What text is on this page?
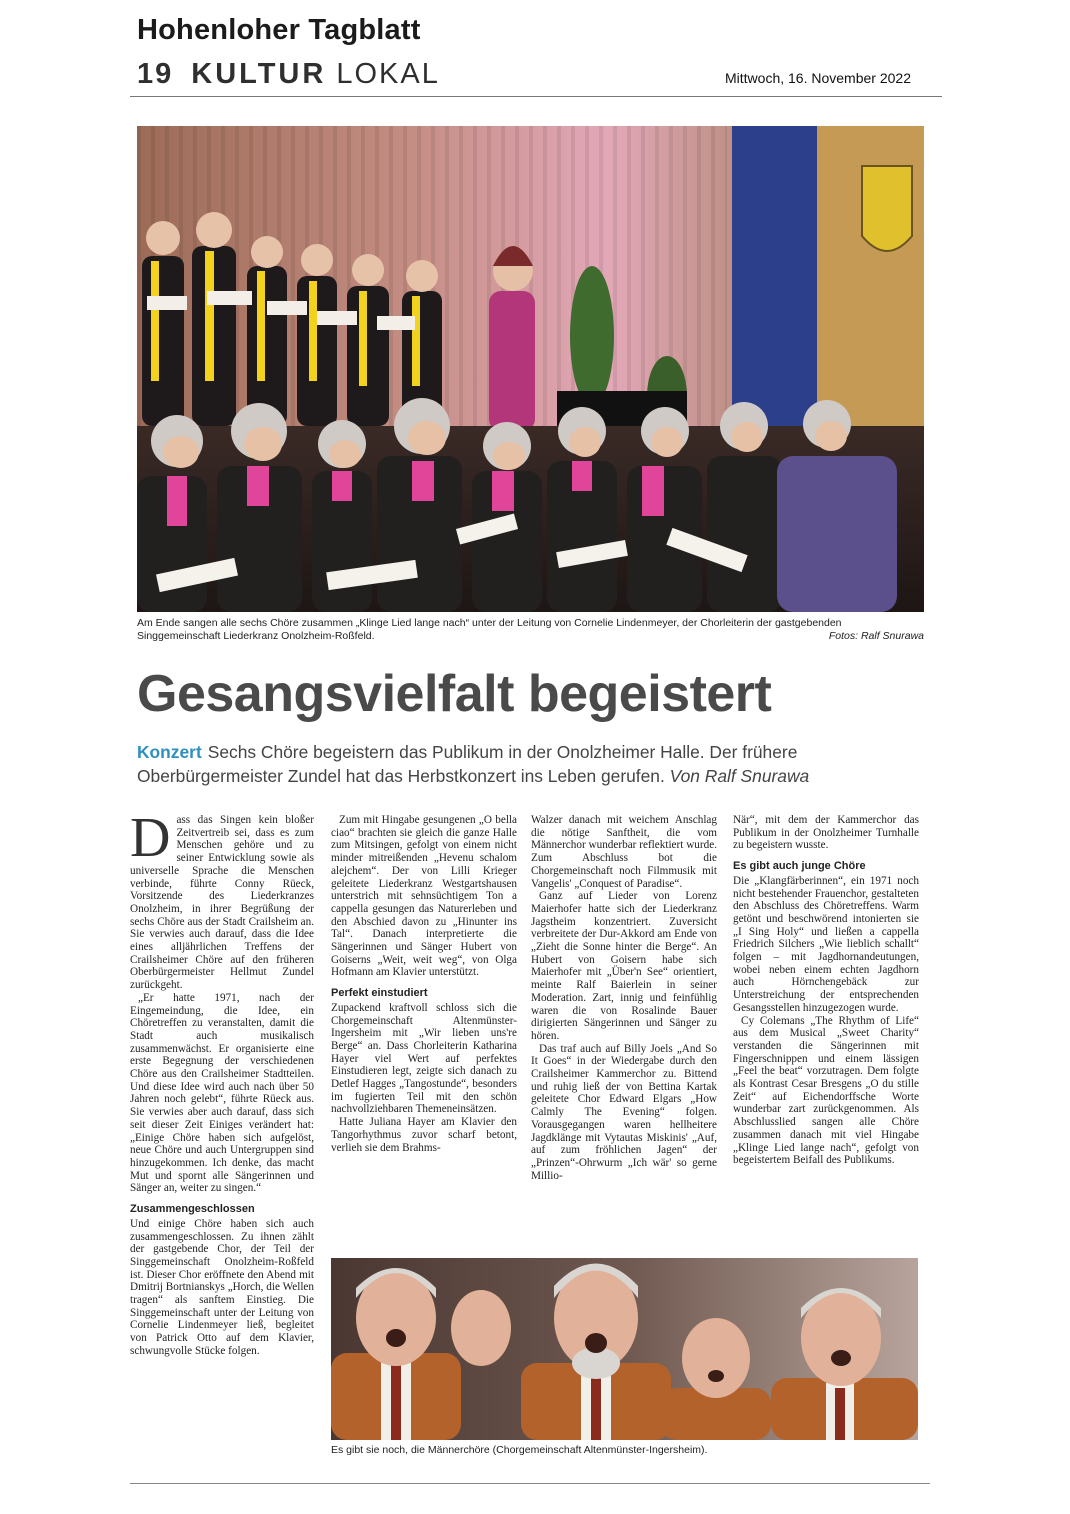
Hohenloher Tagblatt
19 KULTUR LOKAL	Mittwoch, 16. November 2022
Am Ende sangen alle sechs Chöre zusammen „Klinge Lied lange nach“ unter der Leitung von Cornelie Lindenmeyer, der Chorleiterin der gastgebenden Singgemeinschaft Liederkranz Onolzheim-Roßfeld.	Fotos: Ralf Snurawa
Gesangsvielfalt begeistert
Konzert Sechs Chöre begeistern das Publikum in der Onolzheimer Halle. Der frühere Oberbürgermeister Zundel hat das Herbstkonzert ins Leben gerufen. Von Ralf Snurawa

Dass das Singen kein bloßer Zeitvertreib sei, dass es zum Menschen gehöre und zu seiner Entwicklung sowie als universelle Sprache die Menschen verbinde, führte Conny Rüeck, Vorsitzende des Liederkranzes Onolzheim, in ihrer Begrüßung der sechs Chöre aus der Stadt Crailsheim an. Sie verwies auch darauf, dass die Idee eines alljährlichen Treffens der Crailsheimer Chöre auf den früheren Oberbürgermeister Hellmut Zundel zurückgeht.

„Er hatte 1971, nach der Eingemeindung, die Idee, ein Chöretreffen zu veranstalten, damit die Stadt auch musikalisch zusammenwächst. Er organisierte eine erste Begegnung der verschiedenen Chöre aus den Crailsheimer Stadtteilen. Und diese Idee wird auch nach über 50 Jahren noch gelebt“, führte Rüeck aus. Sie verwies aber auch darauf, dass sich seit dieser Zeit Einiges verändert hat: „Einige Chöre haben sich aufgelöst, neue Chöre und auch Untergruppen sind hinzugekommen. Ich denke, das macht Mut und spornt alle Sängerinnen und Sänger an, weiter zu singen.“

Zusammengeschlossen

Und einige Chöre haben sich auch zusammengeschlossen. Zu ihnen zählt der gastgebende Chor, der Teil der Singgemeinschaft Onolzheim-Roßfeld ist. Dieser Chor eröffnete den Abend mit Dmitrij Bortnianskys „Horch, die Wellen tragen“ als sanftem Einstieg. Die Singgemeinschaft unter der Leitung von Cornelie Lindenmeyer ließ, begleitet von Patrick Otto auf dem Klavier, schwungvolle Stücke folgen.

Zum mit Hingabe gesungenen „O bella ciao“ brachten sie gleich die ganze Halle zum Mitsingen, gefolgt von einem nicht minder mitreißenden „Hevenu schalom alejchem“. Der von Lilli Krieger geleitete Liederkranz Westgartshausen unterstrich mit sehnsüchtigem Ton a cappella gesungen das Naturerleben und den Abschied davon zu „Hinunter ins Tal“. Danach interpretierte die Sängerinnen und Sänger Hubert von Goiserns „Weit, weit weg“, von Olga Hofmann am Klavier unterstützt.

Perfekt einstudiert

Zupackend kraftvoll schloss sich die Chorgemeinschaft Altenmünster-Ingersheim mit „Wir lieben uns're Berge“ an. Dass Chorleiterin Katharina Hayer viel Wert auf perfektes Einstudieren legt, zeigte sich danach zu Detlef Hagges „Tangostunde“, besonders im fugierten Teil mit den schön nachvollziehbaren Themeneinsätzen.

Hatte Juliana Hayer am Klavier den Tangorhythmus zuvor scharf betont, verlieh sie dem Brahms-

Walzer danach mit weichem Anschlag die nötige Sanftheit, die vom Männerchor wunderbar reflektiert wurde. Zum Abschluss bot die Chorgemeinschaft noch Filmmusik mit Vangelis' „Conquest of Paradise“.

Ganz auf Lieder von Lorenz Maierhofer hatte sich der Liederkranz Jagstheim konzentriert. Zuversicht verbreitete der Dur-Akkord am Ende von „Zieht die Sonne hinter die Berge“. An Hubert von Goisern habe sich Maierhofer mit „Über'n See“ orientiert, meinte Ralf Baierlein in seiner Moderation. Zart, innig und feinfühlig waren die von Rosalinde Bauer dirigierten Sängerinnen und Sänger zu hören.

Das traf auch auf Billy Joels „And So It Goes“ in der Wiedergabe durch den Crailsheimer Kammerchor zu. Bittend und ruhig ließ der von Bettina Kartak geleitete Chor Edward Elgars „How Calmly The Evening“ folgen. Vorausgegangen waren hellheitere Jagdklänge mit Vytautas Miskinis' „Auf, auf zum fröhlichen Jagen“ der „Prinzen“-Ohrwurm „Ich wär' so gerne Millio-

När“, mit dem der Kammerchor das Publikum in der Onolzheimer Turnhalle zu begeistern wusste.

Es gibt auch junge Chöre

Die „Klangfärberinnen“, ein 1971 noch nicht bestehender Frauenchor, gestalteten den Abschluss des Chöretreffens. Warm getönt und beschwörend intonierten sie „I Sing Holy“ und ließen a cappella Friedrich Silchers „Wie lieblich schallt“ folgen – mit Jagdhornandeutungen, wobei neben einem echten Jagdhorn auch Hörnchengebäck zur Unterstreichung der entsprechenden Gesangsstellen hinzugezogen wurde.

Cy Colemans „The Rhythm of Life“ aus dem Musical „Sweet Charity“ verstanden die Sängerinnen mit Fingerschnippen und einem lässigen „Feel the beat“ vorzutragen. Dem folgte als Kontrast Cesar Bresgens „O du stille Zeit“ auf Eichendorffsche Worte wunderbar zart zurückgenommen. Als Abschlusslied sangen alle Chöre zusammen danach mit viel Hingabe „Klinge Lied lange nach“, gefolgt von begeistertem Beifall des Publikums.

Es gibt sie noch, die Männerchöre (Chorgemeinschaft Altenmünster-Ingersheim).
